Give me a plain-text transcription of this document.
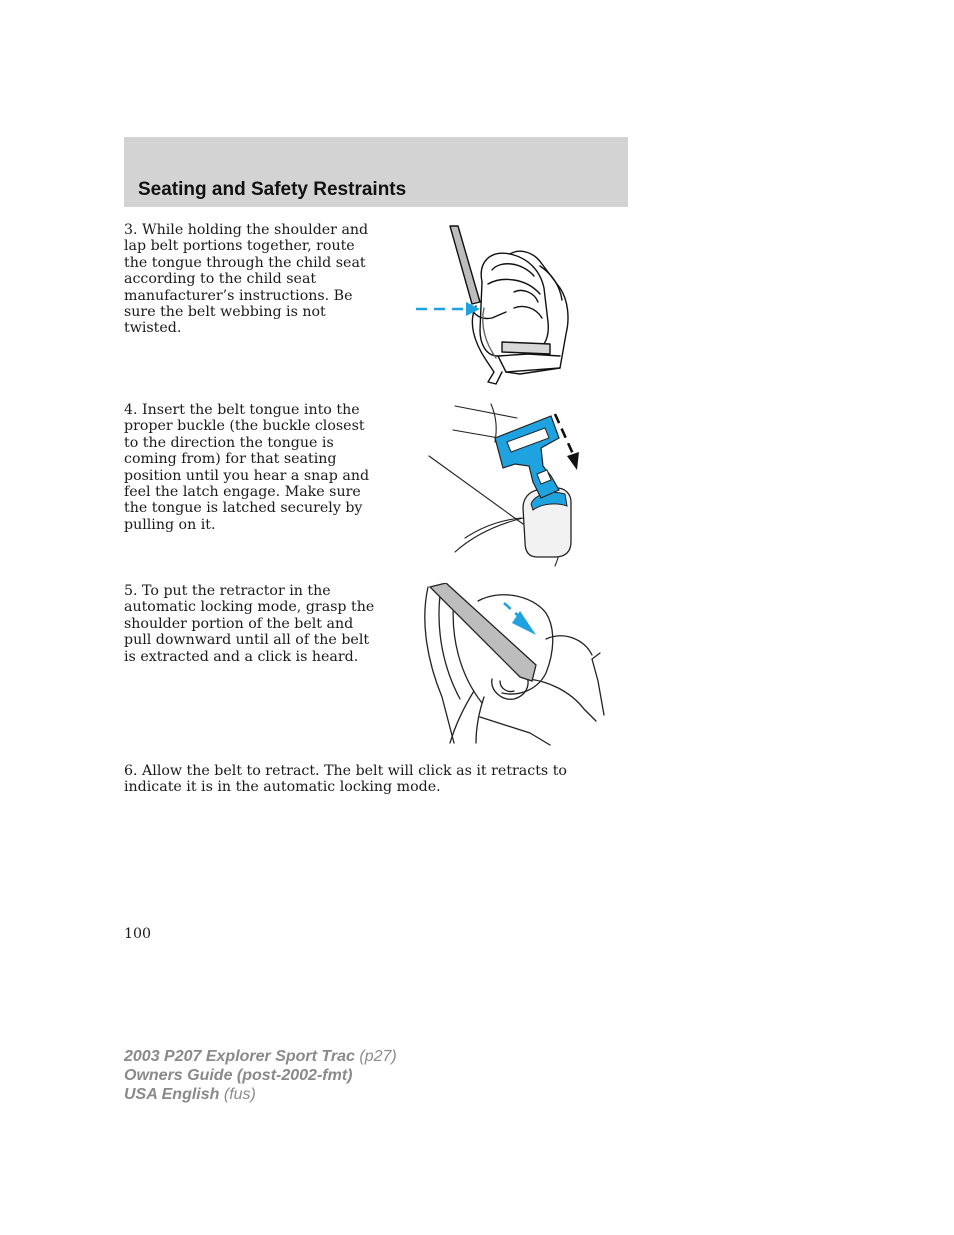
Seating and Safety Restraints

3. While holding the shoulder and lap belt portions together, route the tongue through the child seat according to the child seat manufacturer’s instructions. Be sure the belt webbing is not twisted.

4. Insert the belt tongue into the proper buckle (the buckle closest to the direction the tongue is coming from) for that seating position until you hear a snap and feel the latch engage. Make sure the tongue is latched securely by pulling on it.

5. To put the retractor in the automatic locking mode, grasp the shoulder portion of the belt and pull downward until all of the belt is extracted and a click is heard.

6. Allow the belt to retract. The belt will click as it retracts to indicate it is in the automatic locking mode.

100

2003 P207 Explorer Sport Trac (p27)
Owners Guide (post-2002-fmt)
USA English (fus)
